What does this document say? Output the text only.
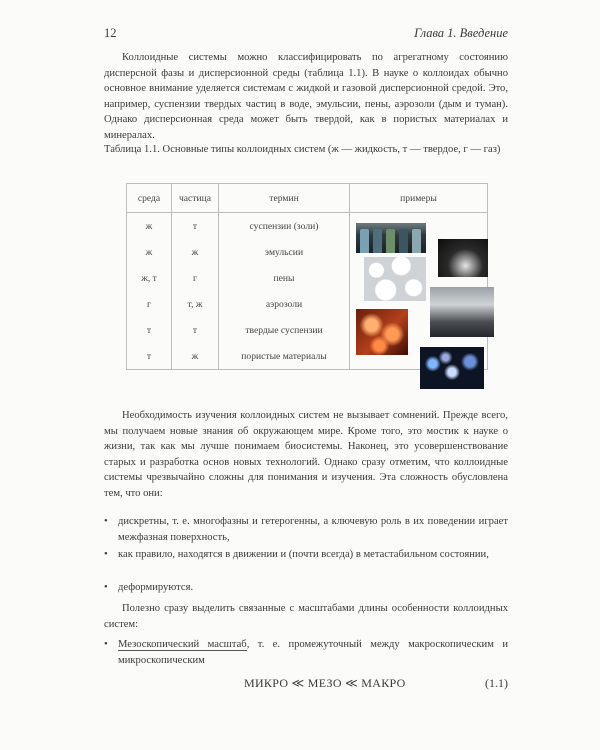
12	Глава 1. Введение
Коллоидные системы можно классифицировать по агрегатному состоянию дисперсной фазы и дисперсионной среды (таблица 1.1). В науке о коллоидах обычно основное внимание уделяется системам с жидкой и газовой дисперсионной средой. Это, например, суспензии твердых частиц в воде, эмульсии, пены, аэрозоли (дым и туман). Однако дисперсионная среда может быть твердой, как в пористых материалах и минералах.
Таблица 1.1. Основные типы коллоидных систем (ж — жидкость, т — твердое, г — газ)
среда	частица	термин	примеры
ж	т	суспензии (золи)	

ж	ж	эмульсии	
ж, т	г	пены	
г	т, ж	аэрозоли	
т	т	твердые суспензии	
т	ж	пористые материалы	
Необходимость изучения коллоидных систем не вызывает сомнений. Прежде всего, мы получаем новые знания об окружающем мире. Кроме того, это мостик к науке о жизни, так как мы лучше понимаем биосистемы. Наконец, это усовершенствование старых и разработка основ новых технологий. Однако сразу отметим, что коллоидные системы чрезвычайно сложны для понимания и изучения. Эта сложность обусловлена тем, что они:
• дискретны, т. е. многофазны и гетерогенны, а ключевую роль в их поведении играет межфазная поверхность,
• как правило, находятся в движении и (почти всегда) в метастабильном состоянии,
• деформируются.
Полезно сразу выделить связанные с масштабами длины особенности коллоидных систем:
• Мезоскопический масштаб, т. е. промежуточный между макроскопическим и микроскопическим
МИКРО ≪ МЕЗО ≪ МАКРО	(1.1)
